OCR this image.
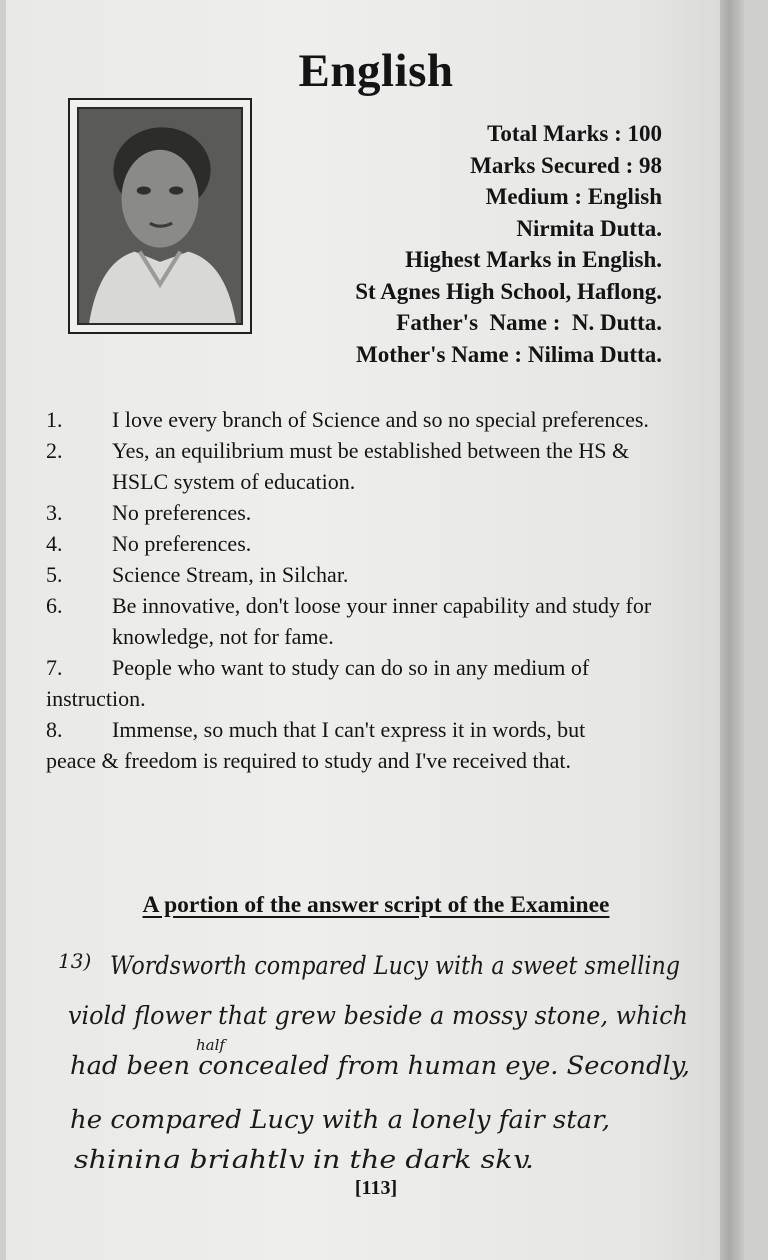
English
Total Marks : 100
Marks Secured : 98
Medium : English
Nirmita Dutta.
Highest Marks in English.
St Agnes High School, Haflong.
Father's  Name :  N. Dutta.
Mother's Name : Nilima Dutta.
1.	I love every branch of Science and so no special preferences.
2.	Yes, an equilibrium must be established between the HS & HSLC system of education.
3.	No preferences.
4.	No preferences.
5.	Science Stream, in Silchar.
6.	Be innovative, don't loose your inner capability and study for knowledge, not for fame.
7.	People who want to study can do so in any medium of instruction.
8.	Immense, so much that I can't express it in words, but peace & freedom is required to study and I've received that.
A portion of the answer script of the Examinee
13) Wordsworth compared Lucy with a sweet smelling
viold flower that grew beside a mossy stone, which
half
had been concealed from human eye. Secondly,
he compared Lucy with a lonely fair star,
shining brightly in the dark sky.
[113]
